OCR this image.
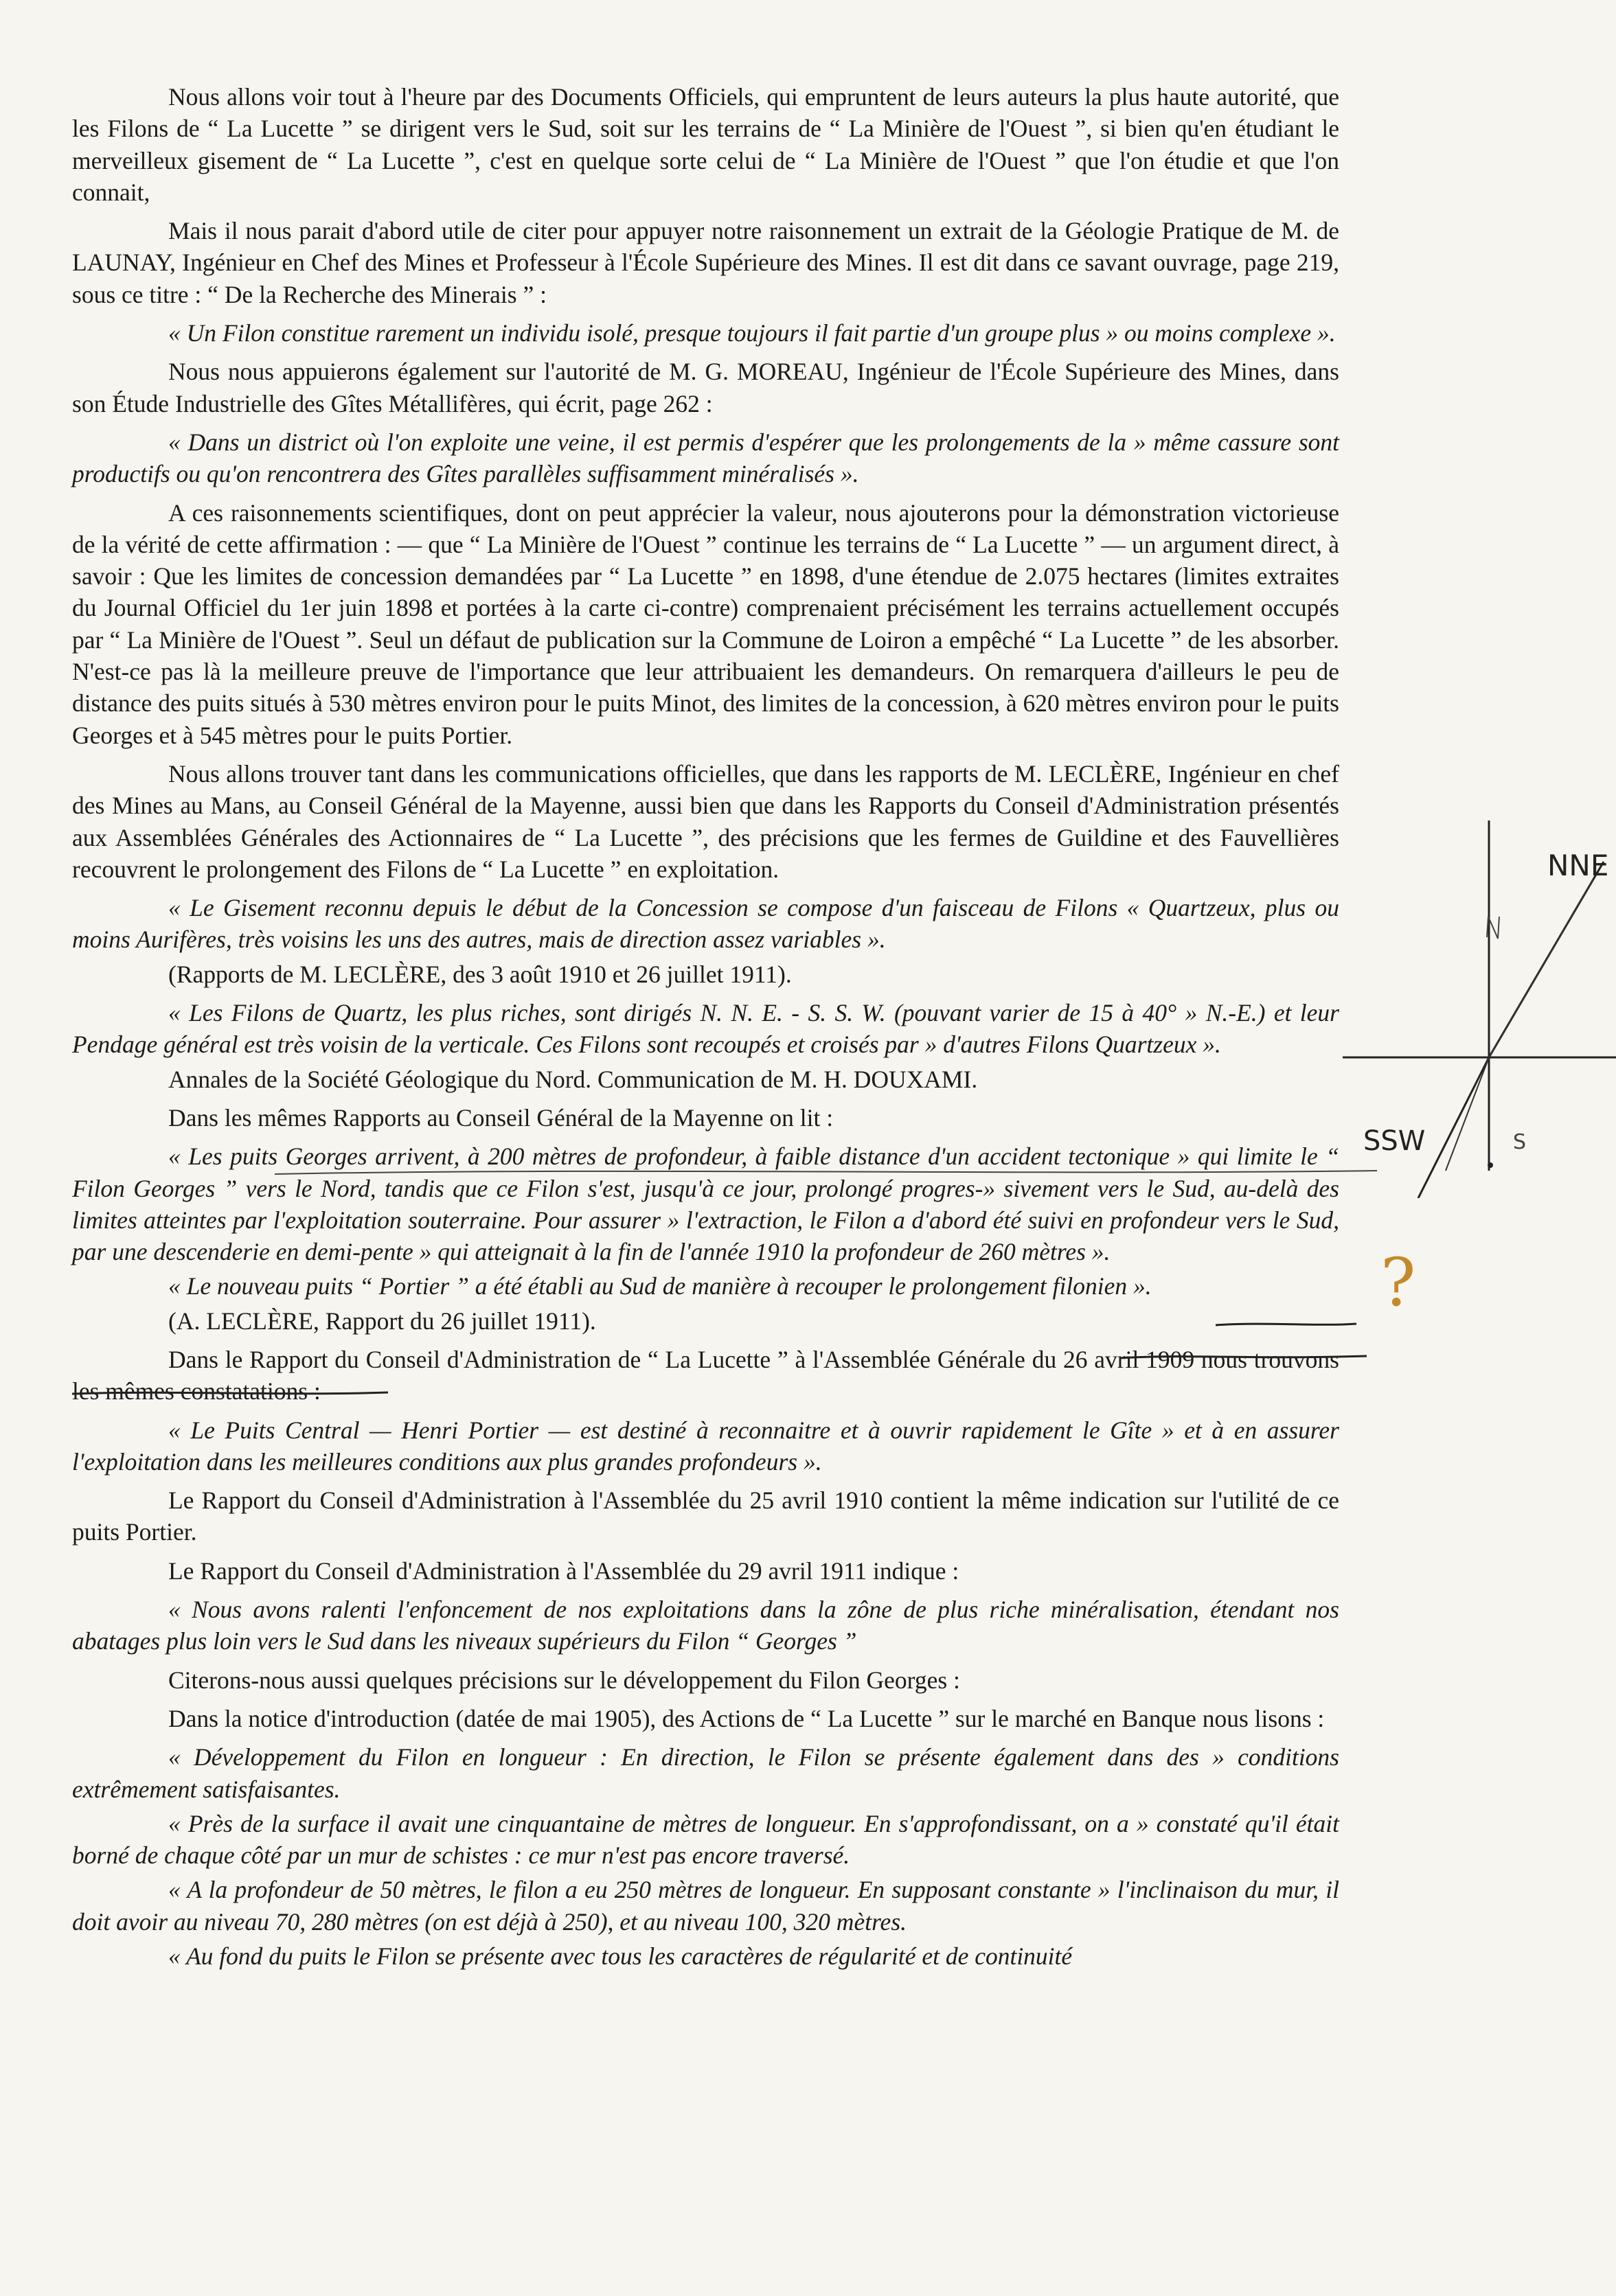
Nous allons voir tout à l'heure par des Documents Officiels, qui empruntent de leurs auteurs la plus haute autorité, que les Filons de “ La Lucette ” se dirigent vers le Sud, soit sur les terrains de “ La Minière de l'Ouest ”, si bien qu'en étudiant le merveilleux gisement de “ La Lucette ”, c'est en quelque sorte celui de “ La Minière de l'Ouest ” que l'on étudie et que l'on connait,

Mais il nous parait d'abord utile de citer pour appuyer notre raisonnement un extrait de la Géologie Pratique de M. de LAUNAY, Ingénieur en Chef des Mines et Professeur à l'École Supérieure des Mines. Il est dit dans ce savant ouvrage, page 219, sous ce titre : “ De la Recherche des Minerais ” :

« Un Filon constitue rarement un individu isolé, presque toujours il fait partie d'un groupe plus » ou moins complexe ».

Nous nous appuierons également sur l'autorité de M. G. MOREAU, Ingénieur de l'École Supérieure des Mines, dans son Étude Industrielle des Gîtes Métallifères, qui écrit, page 262 :

« Dans un district où l'on exploite une veine, il est permis d'espérer que les prolongements de la » même cassure sont productifs ou qu'on rencontrera des Gîtes parallèles suffisamment minéralisés ».

A ces raisonnements scientifiques, dont on peut apprécier la valeur, nous ajouterons pour la démonstration victorieuse de la vérité de cette affirmation : — que “ La Minière de l'Ouest ” continue les terrains de “ La Lucette ” — un argument direct, à savoir : Que les limites de concession demandées par “ La Lucette ” en 1898, d'une étendue de 2.075 hectares (limites extraites du Journal Officiel du 1er juin 1898 et portées à la carte ci-contre) comprenaient précisément les terrains actuellement occupés par “ La Minière de l'Ouest ”. Seul un défaut de publication sur la Commune de Loiron a empêché “ La Lucette ” de les absorber. N'est-ce pas là la meilleure preuve de l'importance que leur attribuaient les demandeurs. On remarquera d'ailleurs le peu de distance des puits situés à 530 mètres environ pour le puits Minot, des limites de la concession, à 620 mètres environ pour le puits Georges et à 545 mètres pour le puits Portier.

Nous allons trouver tant dans les communications officielles, que dans les rapports de M. LECLÈRE, Ingénieur en chef des Mines au Mans, au Conseil Général de la Mayenne, aussi bien que dans les Rapports du Conseil d'Administration présentés aux Assemblées Générales des Actionnaires de “ La Lucette ”, des précisions que les fermes de Guildine et des Fauvellières recouvrent le prolongement des Filons de “ La Lucette ” en exploitation.

« Le Gisement reconnu depuis le début de la Concession se compose d'un faisceau de Filons « Quartzeux, plus ou moins Aurifères, très voisins les uns des autres, mais de direction assez variables ».

(Rapports de M. LECLÈRE, des 3 août 1910 et 26 juillet 1911).

« Les Filons de Quartz, les plus riches, sont dirigés N. N. E. - S. S. W. (pouvant varier de 15 à 40° » N.-E.) et leur Pendage général est très voisin de la verticale. Ces Filons sont recoupés et croisés par » d'autres Filons Quartzeux ».

Annales de la Société Géologique du Nord. Communication de M. H. DOUXAMI.

Dans les mêmes Rapports au Conseil Général de la Mayenne on lit :

« Les puits Georges arrivent, à 200 mètres de profondeur, à faible distance d'un accident tectonique » qui limite le “ Filon Georges ” vers le Nord, tandis que ce Filon s'est, jusqu'à ce jour, prolongé progres-» sivement vers le Sud, au-delà des limites atteintes par l'exploitation souterraine. Pour assurer » l'extraction, le Filon a d'abord été suivi en profondeur vers le Sud, par une descenderie en demi-pente » qui atteignait à la fin de l'année 1910 la profondeur de 260 mètres ».

« Le nouveau puits “ Portier ” a été établi au Sud de manière à recouper le prolongement filonien ».

(A. LECLÈRE, Rapport du 26 juillet 1911).

Dans le Rapport du Conseil d'Administration de “ La Lucette ” à l'Assemblée Générale du 26 avril 1909 nous trouvons les mêmes constatations :

« Le Puits Central — Henri Portier — est destiné à reconnaitre et à ouvrir rapidement le Gîte » et à en assurer l'exploitation dans les meilleures conditions aux plus grandes profondeurs ».

Le Rapport du Conseil d'Administration à l'Assemblée du 25 avril 1910 contient la même indication sur l'utilité de ce puits Portier.

Le Rapport du Conseil d'Administration à l'Assemblée du 29 avril 1911 indique :

« Nous avons ralenti l'enfoncement de nos exploitations dans la zône de plus riche minéralisation, étendant nos abatages plus loin vers le Sud dans les niveaux supérieurs du Filon “ Georges ”

Citerons-nous aussi quelques précisions sur le développement du Filon Georges :

Dans la notice d'introduction (datée de mai 1905), des Actions de “ La Lucette ” sur le marché en Banque nous lisons :

« Développement du Filon en longueur : En direction, le Filon se présente également dans des » conditions extrêmement satisfaisantes.

« Près de la surface il avait une cinquantaine de mètres de longueur. En s'approfondissant, on a » constaté qu'il était borné de chaque côté par un mur de schistes : ce mur n'est pas encore traversé.

« A la profondeur de 50 mètres, le filon a eu 250 mètres de longueur. En supposant constante » l'inclinaison du mur, il doit avoir au niveau 70, 280 mètres (on est déjà à 250), et au niveau 100, 320 mètres.

« Au fond du puits le Filon se présente avec tous les caractères de régularité et de continuité

NNE
SSW	S
?
